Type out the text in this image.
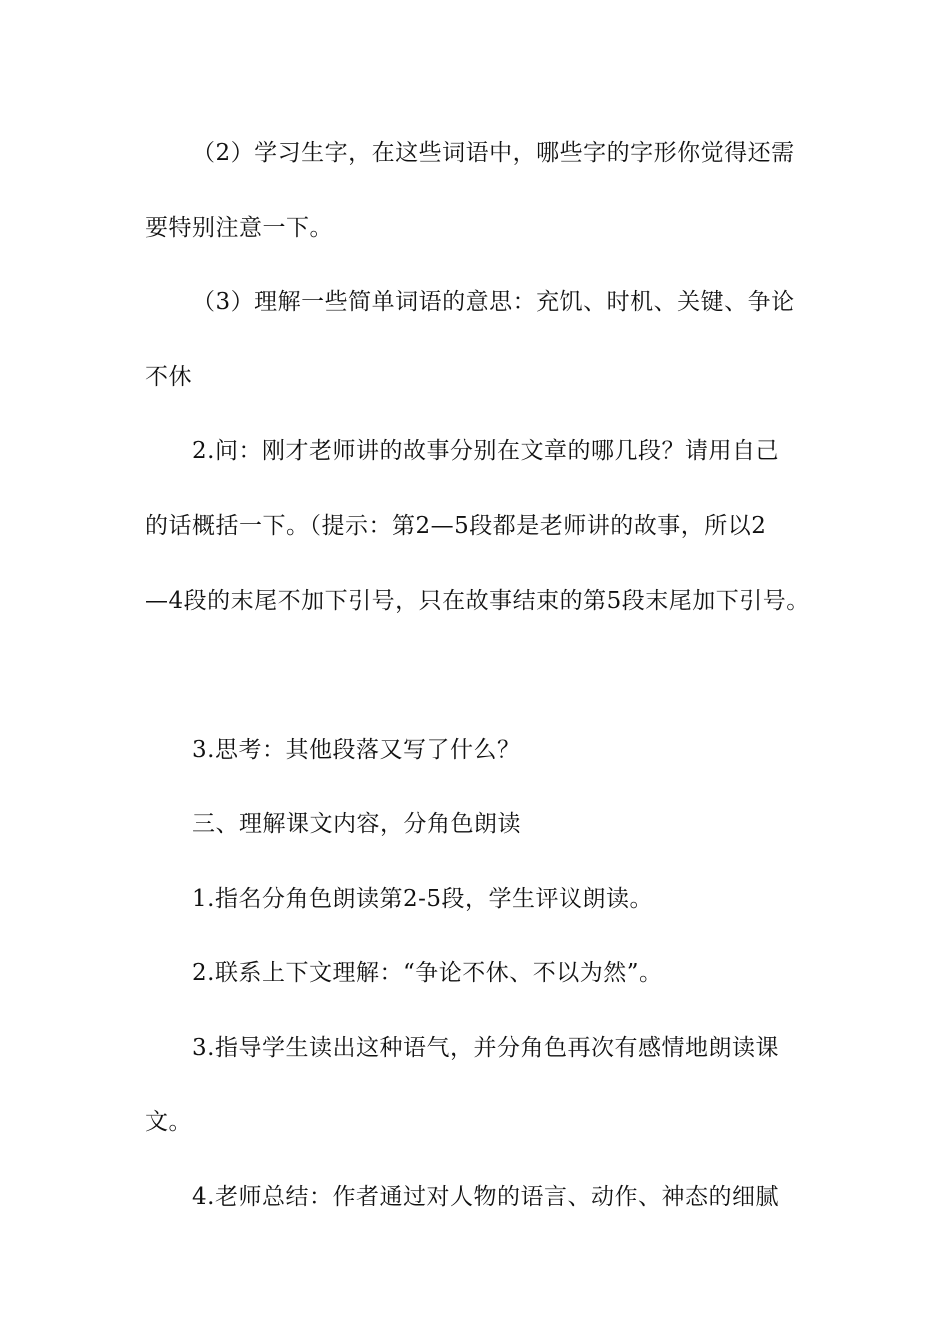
（2）学习生字，在这些词语中，哪些字的字形你觉得还需
要特别注意一下。
（3）理解一些简单词语的意思：充饥、时机、关键、争论
不休
2.问：刚才老师讲的故事分别在文章的哪几段？请用自己
的话概括一下。（提示：第2—5段都是老师讲的故事，所以2
—4段的末尾不加下引号，只在故事结束的第5段末尾加下引号。
3.思考：其他段落又写了什么？
三、理解课文内容，分角色朗读
1.指名分角色朗读第2-5段，学生评议朗读。
2.联系上下文理解：“争论不休、不以为然”。
3.指导学生读出这种语气，并分角色再次有感情地朗读课
文。
4.老师总结：作者通过对人物的语言、动作、神态的细腻
